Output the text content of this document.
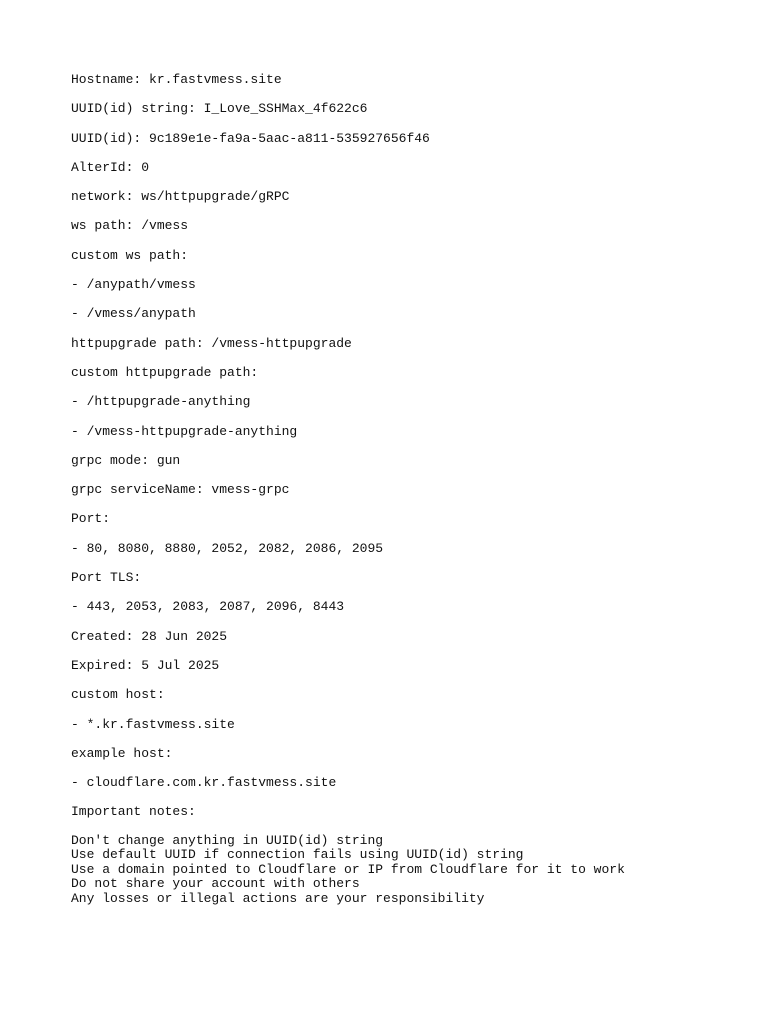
Hostname: kr.fastvmess.site
UUID(id) string: I_Love_SSHMax_4f622c6
UUID(id): 9c189e1e-fa9a-5aac-a811-535927656f46
AlterId: 0
network: ws/httpupgrade/gRPC
ws path: /vmess
custom ws path:
- /anypath/vmess
- /vmess/anypath
httpupgrade path: /vmess-httpupgrade
custom httpupgrade path:
- /httpupgrade-anything
- /vmess-httpupgrade-anything
grpc mode: gun
grpc serviceName: vmess-grpc
Port:
- 80, 8080, 8880, 2052, 2082, 2086, 2095
Port TLS:
- 443, 2053, 2083, 2087, 2096, 8443
Created: 28 Jun 2025
Expired: 5 Jul 2025
custom host:
- *.kr.fastvmess.site
example host:
- cloudflare.com.kr.fastvmess.site
Important notes:
Don't change anything in UUID(id) string
Use default UUID if connection fails using UUID(id) string
Use a domain pointed to Cloudflare or IP from Cloudflare for it to work
Do not share your account with others
Any losses or illegal actions are your responsibility
